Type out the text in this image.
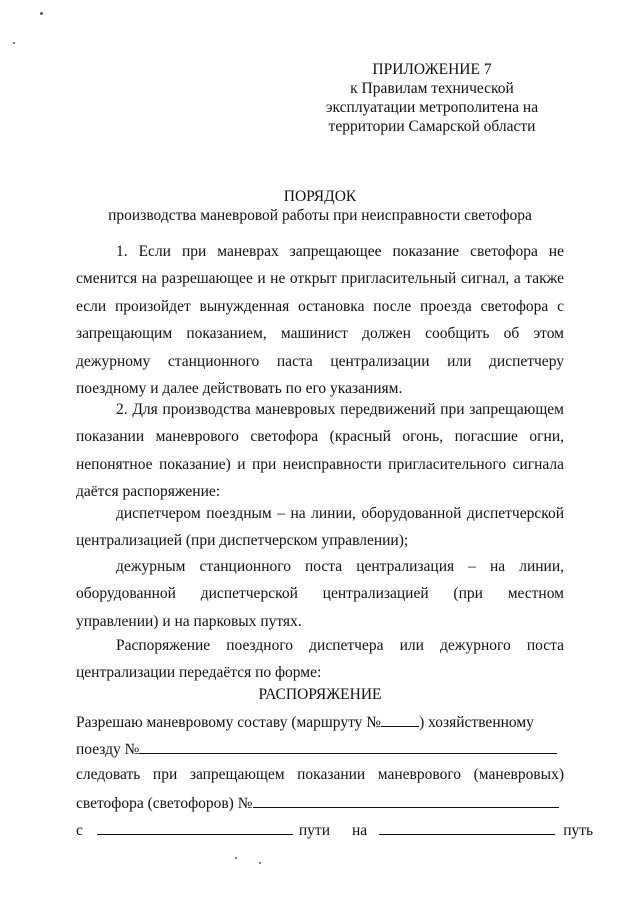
ПРИЛОЖЕНИЕ 7
к Правилам технической
эксплуатации метрополитена на
территории Самарской области
ПОРЯДОК
производства маневровой работы при неисправности светофора

1. Если при маневрах запрещающее показание светофора не сменится на разрешающее и не открыт пригласительный сигнал, а также если произойдет вынужденная остановка после проезда светофора с запрещающим показанием, машинист должен сообщить об этом дежурному станционного паста централизации или диспетчеру поездному и далее действовать по его указаниям.

2. Для производства маневровых передвижений при запрещающем показании маневрового светофора (красный огонь, погасшие огни, непонятное показание) и при неисправности пригласительного сигнала даётся распоряжение:

диспетчером поездным – на линии, оборудованной диспетчерской централизацией (при диспетчерском управлении);

дежурным станционного поста централизация – на линии, оборудованной диспетчерской централизацией (при местном управлении) и на парковых путях.

Распоряжение поездного диспетчера или дежурного поста централизации передаётся по форме:

РАСПОРЯЖЕНИЕ
Разрешаю маневровому составу (маршруту № ) хозяйственному
поезду №
следовать при запрещающем показании маневрового (маневровых)
светофора (светофоров) №
с	пути на	путь
